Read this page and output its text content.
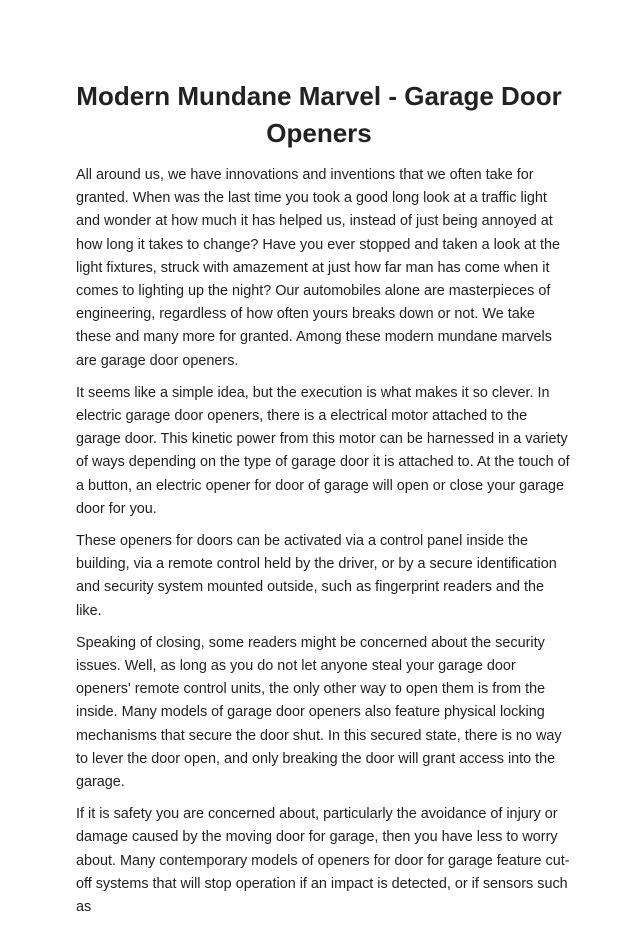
Modern Mundane Marvel - Garage Door Openers

All around us, we have innovations and inventions that we often take for granted. When was the last time you took a good long look at a traffic light and wonder at how much it has helped us, instead of just being annoyed at how long it takes to change? Have you ever stopped and taken a look at the light fixtures, struck with amazement at just how far man has come when it comes to lighting up the night? Our automobiles alone are masterpieces of engineering, regardless of how often yours breaks down or not. We take these and many more for granted. Among these modern mundane marvels are garage door openers.

It seems like a simple idea, but the execution is what makes it so clever. In electric garage door openers, there is a electrical motor attached to the garage door. This kinetic power from this motor can be harnessed in a variety of ways depending on the type of garage door it is attached to. At the touch of a button, an electric opener for door of garage will open or close your garage door for you.

These openers for doors can be activated via a control panel inside the building, via a remote control held by the driver, or by a secure identification and security system mounted outside, such as fingerprint readers and the like.

Speaking of closing, some readers might be concerned about the security issues. Well, as long as you do not let anyone steal your garage door openers' remote control units, the only other way to open them is from the inside. Many models of garage door openers also feature physical locking mechanisms that secure the door shut. In this secured state, there is no way to lever the door open, and only breaking the door will grant access into the garage.

If it is safety you are concerned about, particularly the avoidance of injury or damage caused by the moving door for garage, then you have less to worry about. Many contemporary models of openers for door for garage feature cut-off systems that will stop operation if an impact is detected, or if sensors such as
